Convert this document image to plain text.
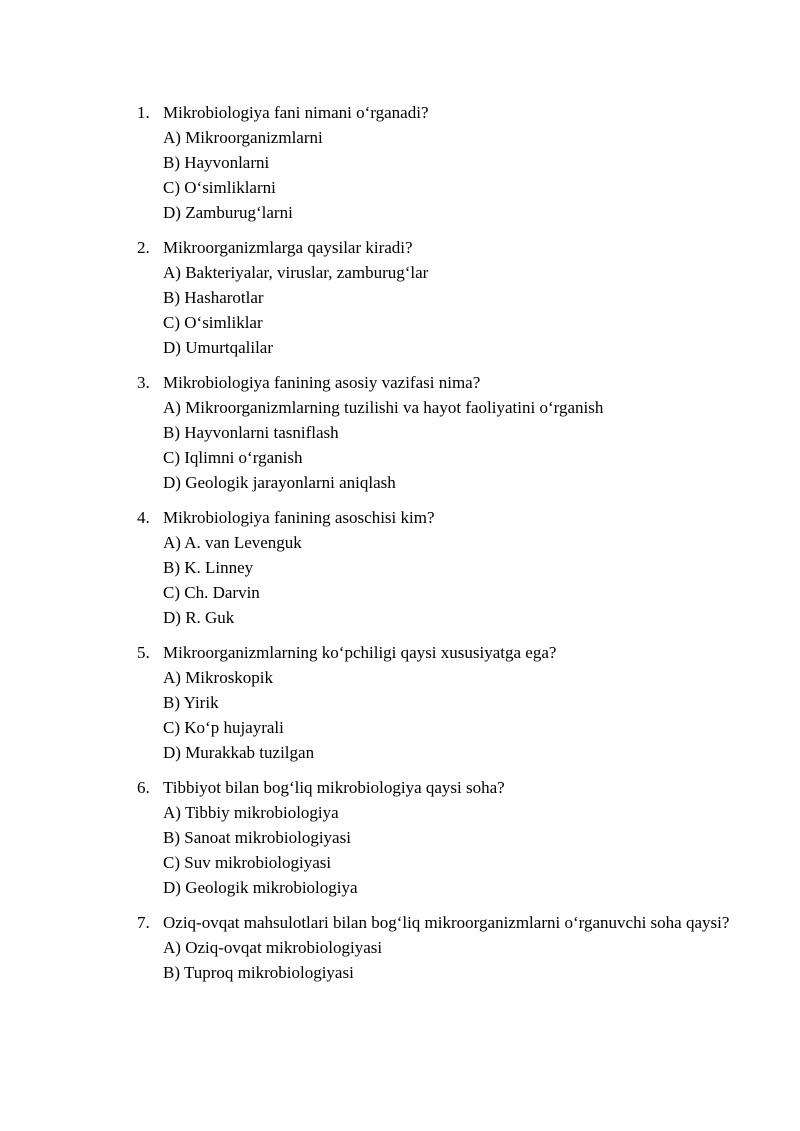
1. Mikrobiologiya fani nimani o‘rganadi?
A) Mikroorganizmlarni
B) Hayvonlarni
C) O‘simliklarni
D) Zamburug‘larni
2. Mikroorganizmlarga qaysilar kiradi?
A) Bakteriyalar, viruslar, zamburug‘lar
B) Hasharotlar
C) O‘simliklar
D) Umurtqalilar
3. Mikrobiologiya fanining asosiy vazifasi nima?
A) Mikroorganizmlarning tuzilishi va hayot faoliyatini o‘rganish
B) Hayvonlarni tasniflash
C) Iqlimni o‘rganish
D) Geologik jarayonlarni aniqlash
4. Mikrobiologiya fanining asoschisi kim?
A) A. van Levenguk
B) K. Linney
C) Ch. Darvin
D) R. Guk
5. Mikroorganizmlarning ko‘pchiligi qaysi xususiyatga ega?
A) Mikroskopik
B) Yirik
C) Ko‘p hujayrali
D) Murakkab tuzilgan
6. Tibbiyot bilan bog‘liq mikrobiologiya qaysi soha?
A) Tibbiy mikrobiologiya
B) Sanoat mikrobiologiyasi
C) Suv mikrobiologiyasi
D) Geologik mikrobiologiya
7. Oziq-ovqat mahsulotlari bilan bog‘liq mikroorganizmlarni o‘rganuvchi soha qaysi?
A) Oziq-ovqat mikrobiologiyasi
B) Tuproq mikrobiologiyasi
